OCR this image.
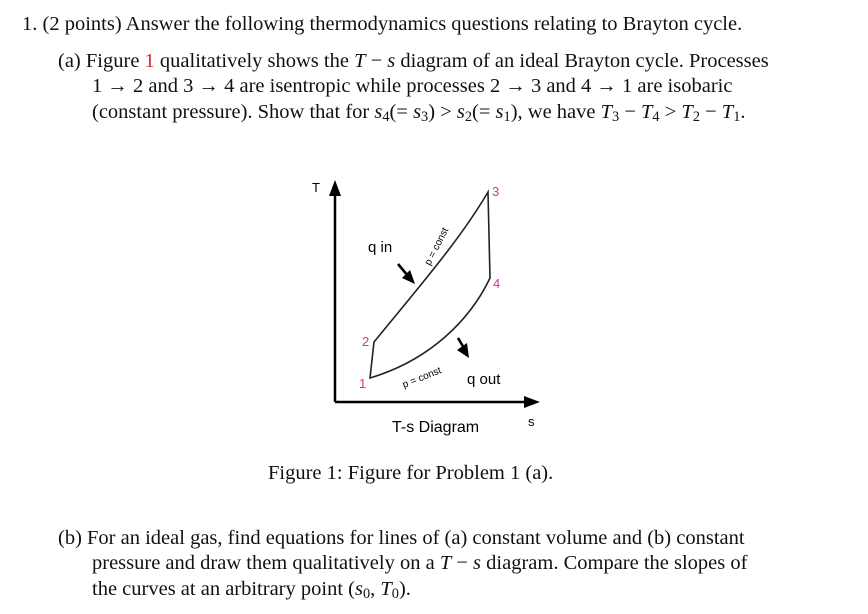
1. (2 points) Answer the following thermodynamics questions relating to Brayton cycle.
(a) Figure 1 qualitatively shows the T − s diagram of an ideal Brayton cycle. Processes
1 → 2 and 3 → 4 are isentropic while processes 2 → 3 and 4 → 1 are isobaric
(constant pressure). Show that for $s_4(= s_3) > s_2(= s_1)$, we have $T_3 - T_4 > T_2 - T_1$.
T
s
1
2
3
4
q in
q out
p = const
p = const
T-s Diagram
Figure 1: Figure for Problem 1 (a).
(b) For an ideal gas, find equations for lines of (a) constant volume and (b) constant
pressure and draw them qualitatively on a T − s diagram. Compare the slopes of
the curves at an arbitrary point ($s_0$, $T_0$).
